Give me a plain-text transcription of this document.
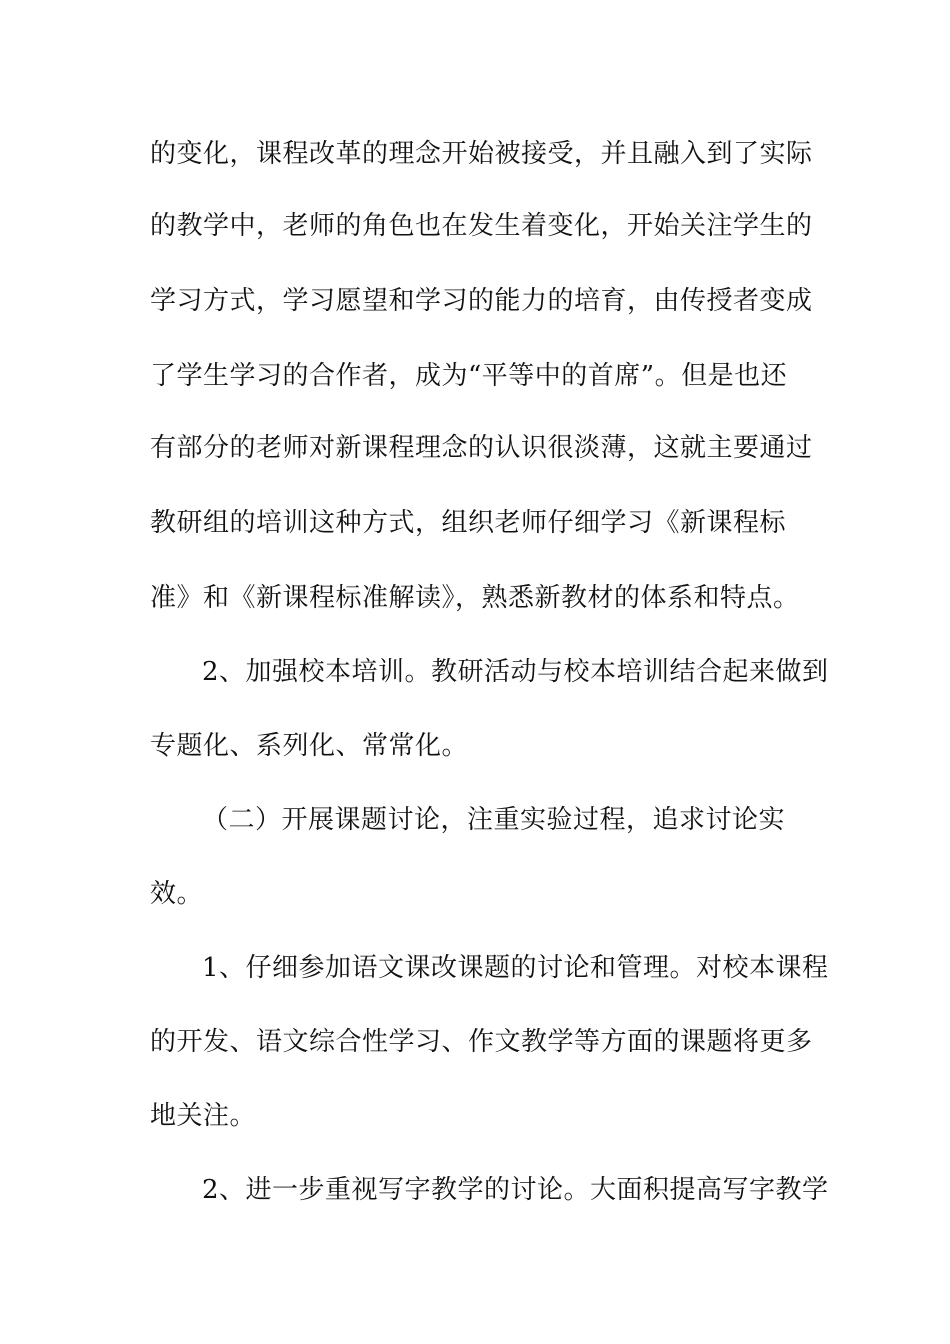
的变化，课程改革的理念开始被接受，并且融入到了实际
的教学中，老师的角色也在发生着变化，开始关注学生的
学习方式，学习愿望和学习的能力的培育，由传授者变成
了学生学习的合作者，成为“平等中的首席”。但是也还
有部分的老师对新课程理念的认识很淡薄，这就主要通过
教研组的培训这种方式，组织老师仔细学习《新课程标
准》和《新课程标准解读》，熟悉新教材的体系和特点。
2、加强校本培训。教研活动与校本培训结合起来做到
专题化、系列化、常常化。
（二）开展课题讨论，注重实验过程，追求讨论实
效。
1、仔细参加语文课改课题的讨论和管理。对校本课程
的开发、语文综合性学习、作文教学等方面的课题将更多
地关注。
2、进一步重视写字教学的讨论。大面积提高写字教学
